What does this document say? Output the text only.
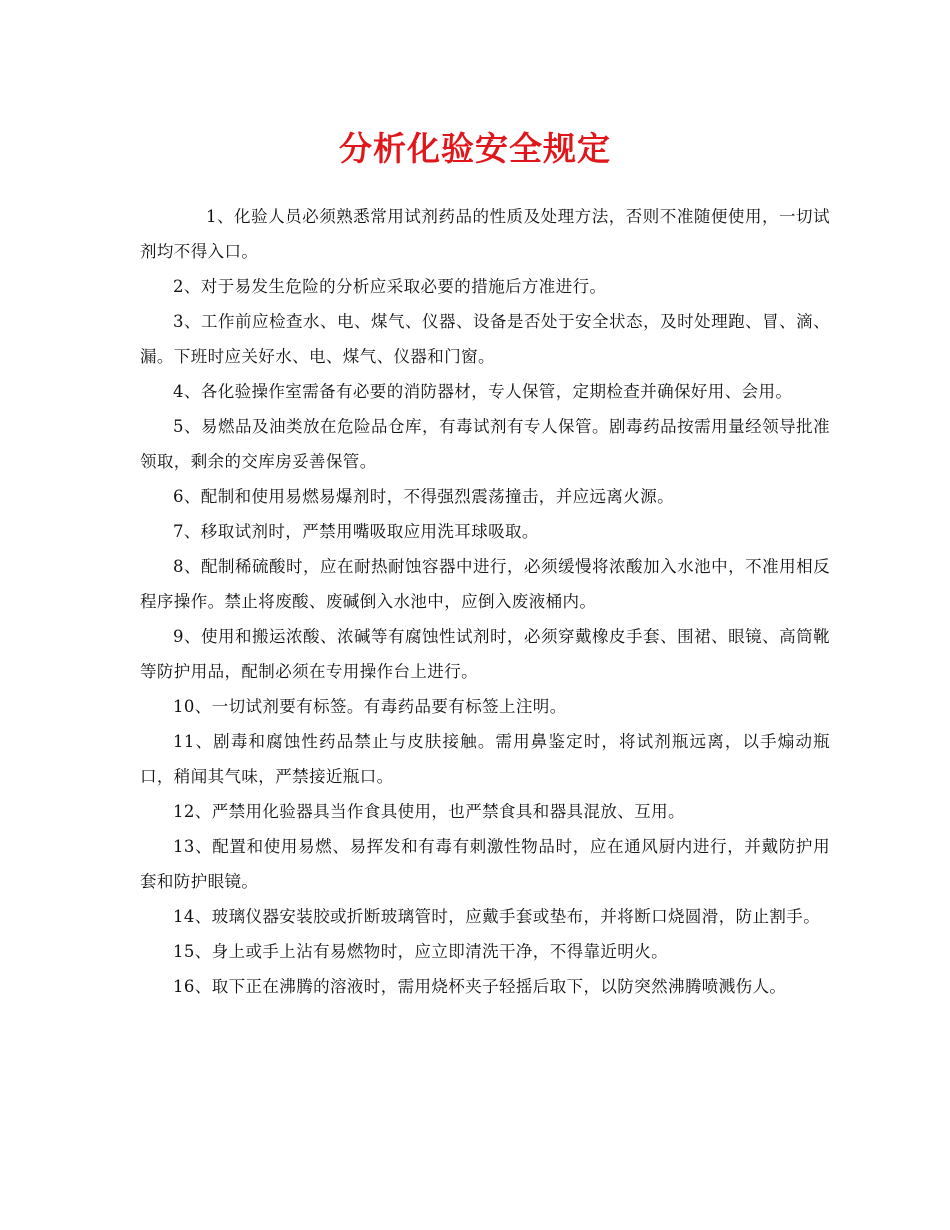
分析化验安全规定

1、化验人员必须熟悉常用试剂药品的性质及处理方法，否则不准随便使用，一切试剂均不得入口。

2、对于易发生危险的分析应采取必要的措施后方准进行。

3、工作前应检查水、电、煤气、仪器、设备是否处于安全状态，及时处理跑、冒、滴、漏。下班时应关好水、电、煤气、仪器和门窗。

4、各化验操作室需备有必要的消防器材，专人保管，定期检查并确保好用、会用。

5、易燃品及油类放在危险品仓库，有毒试剂有专人保管。剧毒药品按需用量经领导批准领取，剩余的交库房妥善保管。

6、配制和使用易燃易爆剂时，不得强烈震荡撞击，并应远离火源。

7、移取试剂时，严禁用嘴吸取应用洗耳球吸取。

8、配制稀硫酸时，应在耐热耐蚀容器中进行，必须缓慢将浓酸加入水池中，不准用相反程序操作。禁止将废酸、废碱倒入水池中，应倒入废液桶内。

9、使用和搬运浓酸、浓碱等有腐蚀性试剂时，必须穿戴橡皮手套、围裙、眼镜、高筒靴等防护用品，配制必须在专用操作台上进行。

10、一切试剂要有标签。有毒药品要有标签上注明。

11、剧毒和腐蚀性药品禁止与皮肤接触。需用鼻鉴定时，将试剂瓶远离，以手煽动瓶口，稍闻其气味，严禁接近瓶口。

12、严禁用化验器具当作食具使用，也严禁食具和器具混放、互用。

13、配置和使用易燃、易挥发和有毒有刺激性物品时，应在通风厨内进行，并戴防护用套和防护眼镜。

14、玻璃仪器安装胶或折断玻璃管时，应戴手套或垫布，并将断口烧圆滑，防止割手。

15、身上或手上沾有易燃物时，应立即清洗干净，不得靠近明火。

16、取下正在沸腾的溶液时，需用烧杯夹子轻摇后取下，以防突然沸腾喷溅伤人。
